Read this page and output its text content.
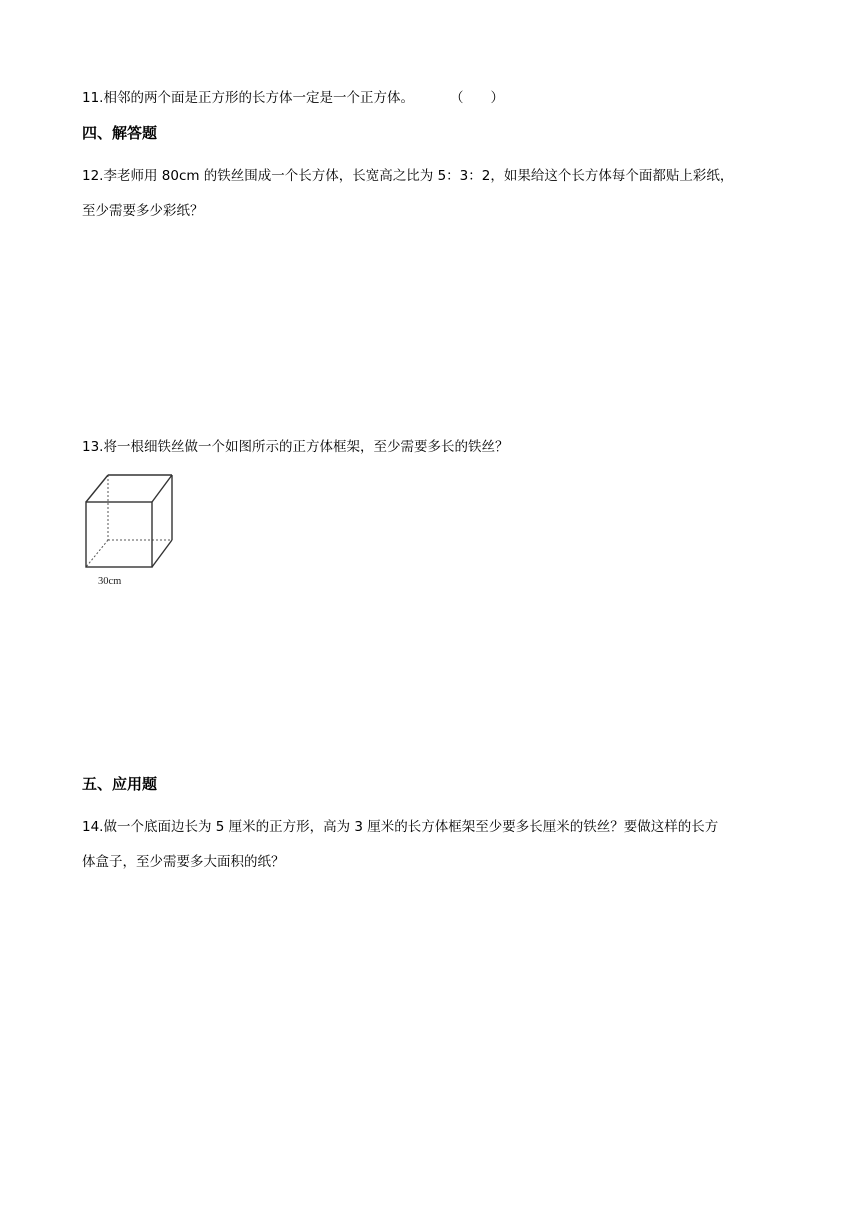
11.相邻的两个面是正方形的长方体一定是一个正方体。	（　　）
四、解答题
12.李老师用 80cm 的铁丝围成一个长方体，长宽高之比为 5：3：2，如果给这个长方体每个面都贴上彩纸，
至少需要多少彩纸？
13.将一根细铁丝做一个如图所示的正方体框架，至少需要多长的铁丝？
30cm
五、应用题
14.做一个底面边长为 5 厘米的正方形，高为 3 厘米的长方体框架至少要多长厘米的铁丝？要做这样的长方
体盒子，至少需要多大面积的纸？
